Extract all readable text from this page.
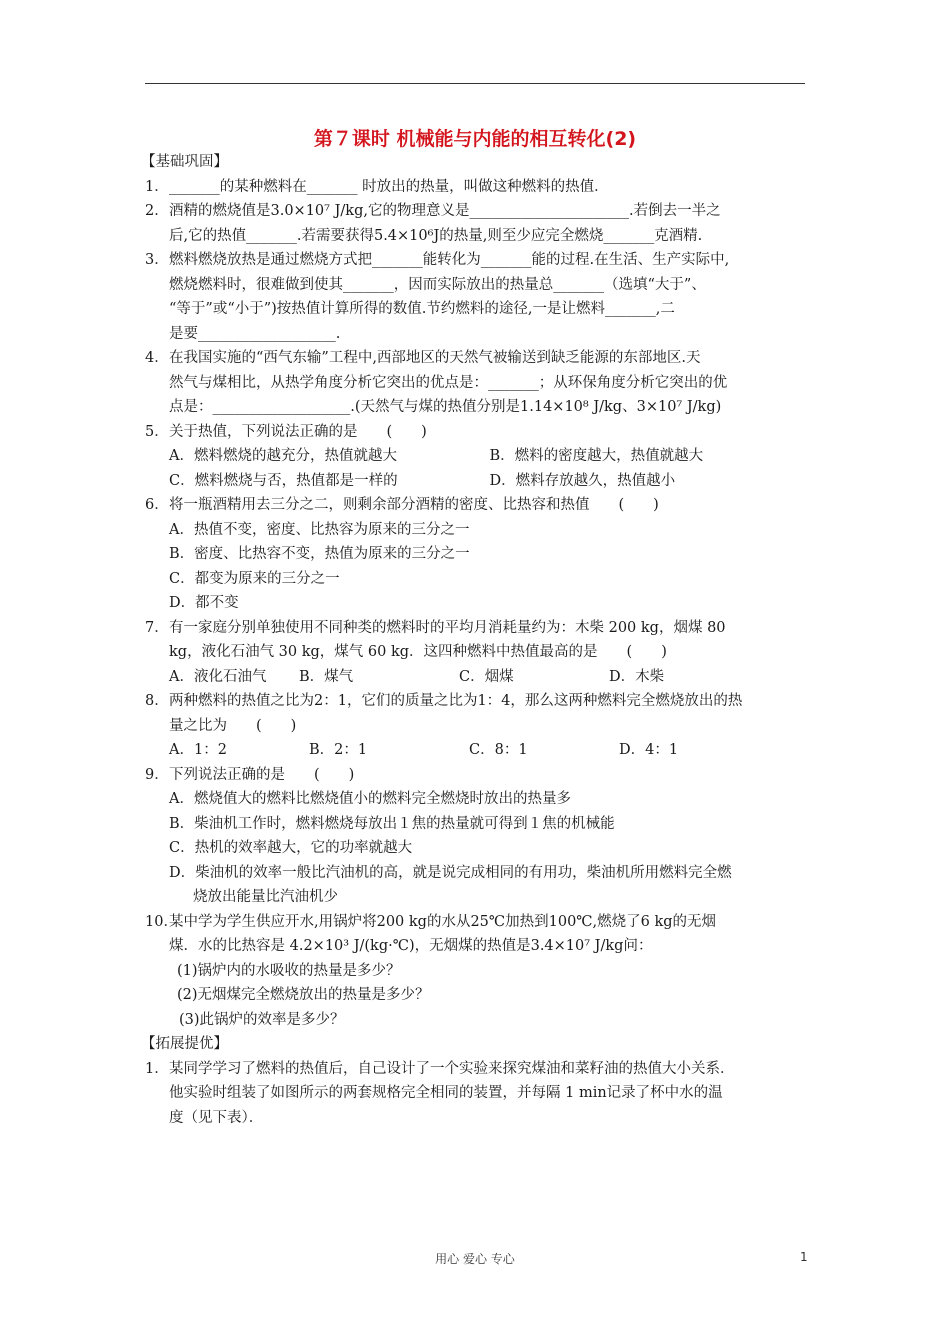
第７课时 机械能与内能的相互转化(2)
【基础巩固】
1． _______的某种燃料在_______ 时放出的热量，叫做这种燃料的热值．
2． 酒精的燃烧值是3.0×10⁷ J/kg,它的物理意义是______________________.若倒去一半之
后,它的热值_______.若需要获得5.4×10⁶J的热量,则至少应完全燃烧_______克酒精.
3． 燃料燃烧放热是通过燃烧方式把_______能转化为_______能的过程.在生活、生产实际中,
燃烧燃料时，很难做到使其_______，因而实际放出的热量总_______（选填“大于”、
“等于”或“小于”)按热值计算所得的数值.节约燃料的途径,一是让燃料_______,二
是要___________________.
4． 在我国实施的“西气东输”工程中,西部地区的天然气被输送到缺乏能源的东部地区.天
然气与煤相比，从热学角度分析它突出的优点是：_______；从环保角度分析它突出的优
点是：___________________.(天然气与煤的热值分别是1.14×10⁸ J/kg、3×10⁷ J/kg)
5． 关于热值，下列说法正确的是　　(　　)
A．燃料燃烧的越充分，热值就越大	B．燃料的密度越大，热值就越大
C．燃料燃烧与否，热值都是一样的	D．燃料存放越久，热值越小
6． 将一瓶酒精用去三分之二，则剩余部分酒精的密度、比热容和热值　　(　　)
A．热值不变，密度、比热容为原来的三分之一
B．密度、比热容不变，热值为原来的三分之一
C．都变为原来的三分之一
D．都不变
7． 有一家庭分别单独使用不同种类的燃料时的平均月消耗量约为：木柴 200 kg，烟煤 80
kg，液化石油气 30 kg，煤气 60 kg．这四种燃料中热值最高的是　　(　　)
A．液化石油气	B．煤气	C．烟煤	D．木柴
8． 两种燃料的热值之比为2：1，它们的质量之比为1：4，那么这两种燃料完全燃烧放出的热
量之比为　　(　　)
A．1：2	B．2：1	C．8：1	D．4：1
9． 下列说法正确的是　　(　　)
A．燃烧值大的燃料比燃烧值小的燃料完全燃烧时放出的热量多
B．柴油机工作时，燃料燃烧每放出１焦的热量就可得到１焦的机械能
C．热机的效率越大，它的功率就越大
D．柴油机的效率一般比汽油机的高，就是说完成相同的有用功，柴油机所用燃料完全燃
烧放出能量比汽油机少
10．
某中学为学生供应开水,用锅炉将200 kg的水从25℃加热到100℃,燃烧了6 kg的无烟
煤．水的比热容是 4.2×10³ J/(kg·℃)，无烟煤的热值是3.4×10⁷ J/kg问：
(1)锅炉内的水吸收的热量是多少？
(2)无烟煤完全燃烧放出的热量是多少？
(3)此锅炉的效率是多少？
【拓展提优】
1． 某同学学习了燃料的热值后，自己设计了一个实验来探究煤油和菜籽油的热值大小关系．
他实验时组装了如图所示的两套规格完全相同的装置，并每隔 1 min记录了杯中水的温
度（见下表）．
用心 爱心 专心	1
